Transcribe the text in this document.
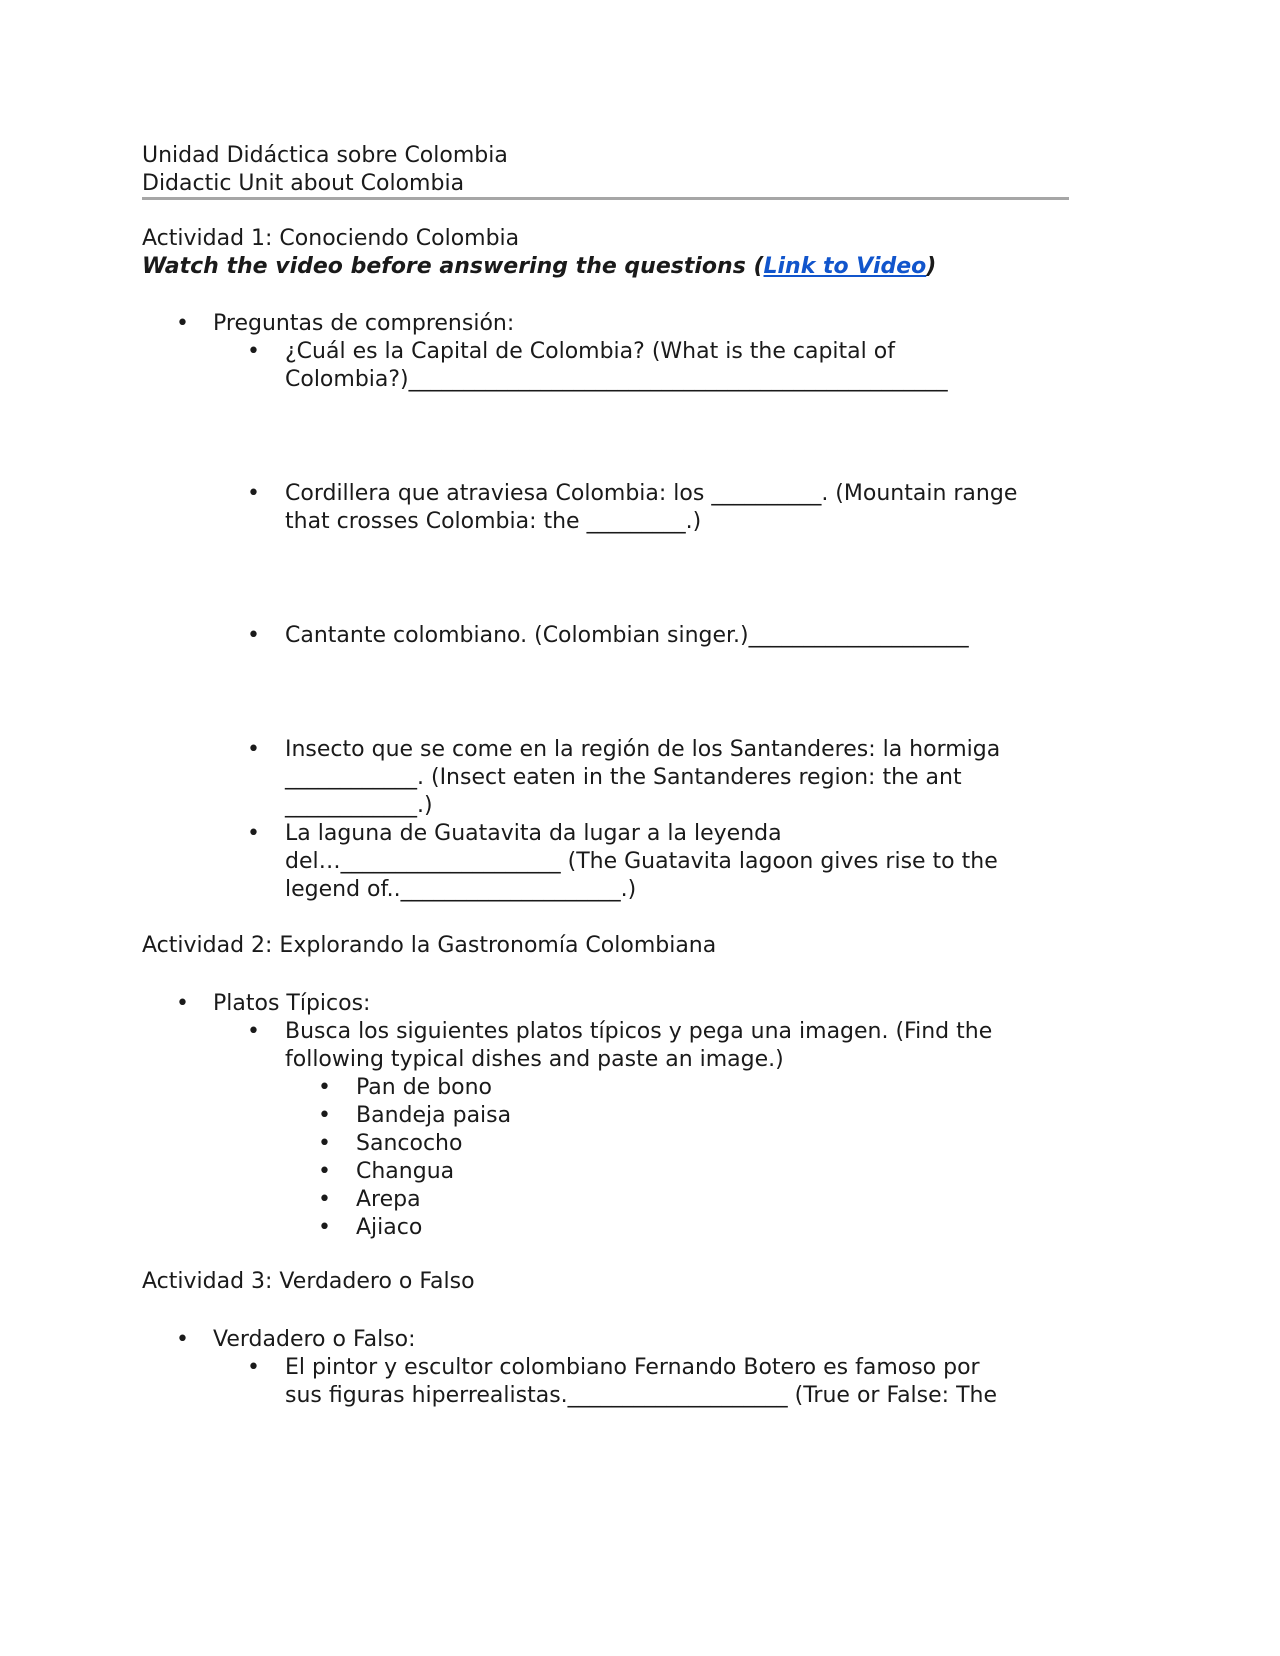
Unidad Didáctica sobre Colombia
Didactic Unit about Colombia
Actividad 1: Conociendo Colombia
Watch the video before answering the questions (Link to Video)
• Preguntas de comprensión:
• ¿Cuál es la Capital de Colombia? (What is the capital of
Colombia?)_________________________________________________
• Cordillera que atraviesa Colombia: los __________. (Mountain range
that crosses Colombia: the _________.)
• Cantante colombiano. (Colombian singer.)____________________
• Insecto que se come en la región de los Santanderes: la hormiga
____________. (Insect eaten in the Santanderes region: the ant
____________.)
• La laguna de Guatavita da lugar a la leyenda
del…____________________ (The Guatavita lagoon gives rise to the
legend of..____________________.)
Actividad 2: Explorando la Gastronomía Colombiana
• Platos Típicos:
• Busca los siguientes platos típicos y pega una imagen. (Find the
following typical dishes and paste an image.)
•
•
•
•
•
•
Pan de bono
Bandeja paisa
Sancocho
Changua
Arepa
Ajiaco
Actividad 3: Verdadero o Falso
• Verdadero o Falso:
• El pintor y escultor colombiano Fernando Botero es famoso por
sus figuras hiperrealistas.____________________ (True or False: The
